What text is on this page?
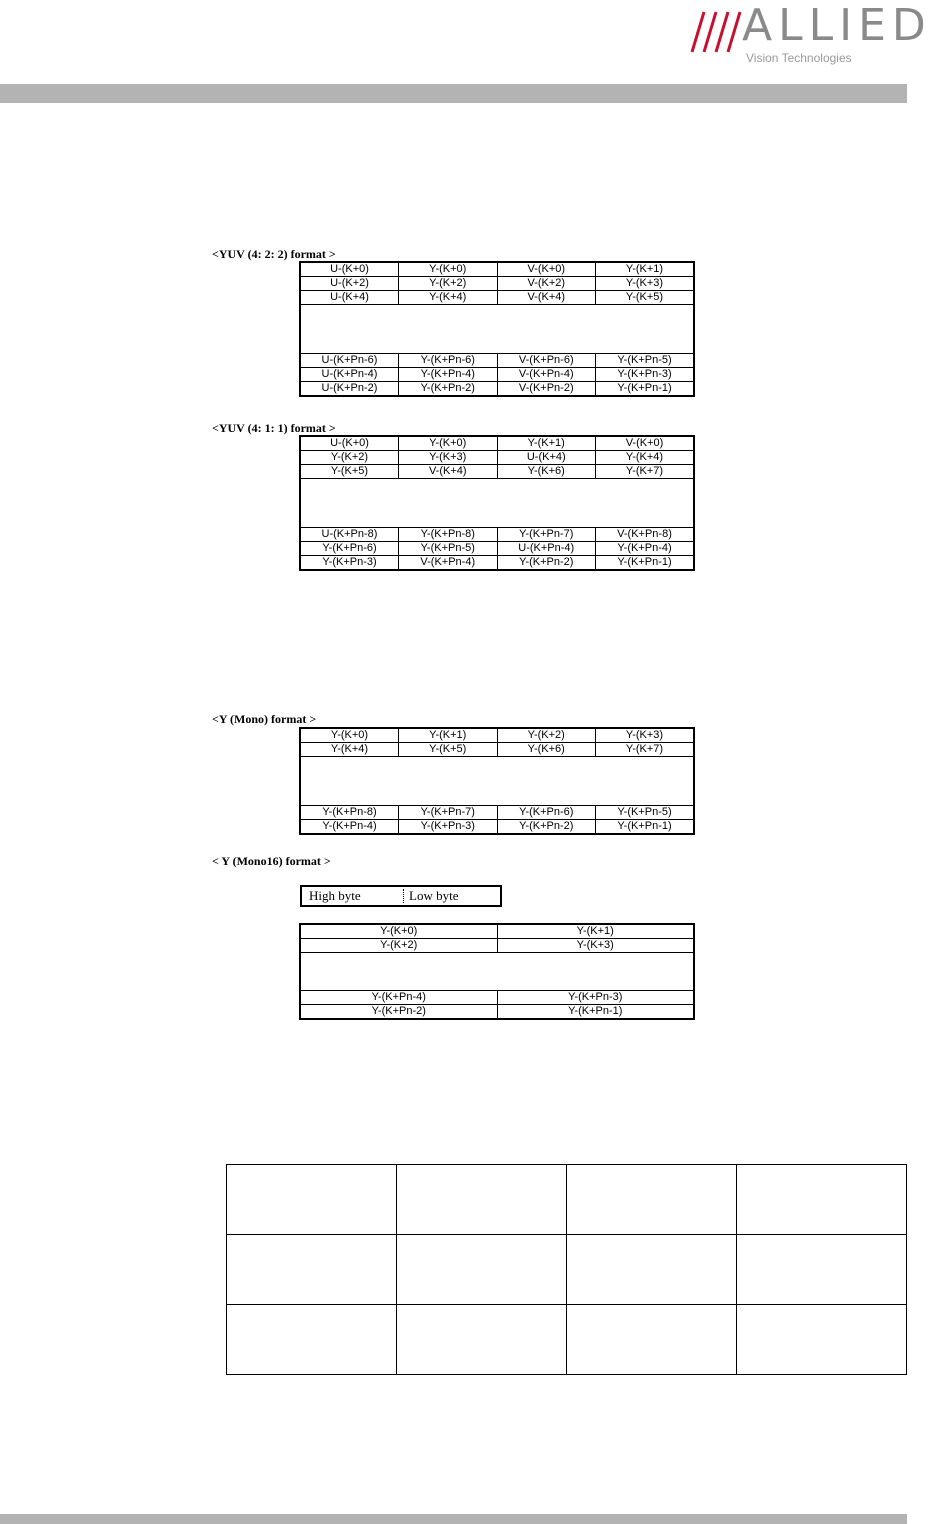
ALLIED
Vision Technologies
<YUV (4: 2: 2) format >
U-(K+0)	Y-(K+0)	V-(K+0)	Y-(K+1)
U-(K+2)	Y-(K+2)	V-(K+2)	Y-(K+3)
U-(K+4)	Y-(K+4)	V-(K+4)	Y-(K+5)

U-(K+Pn-6)	Y-(K+Pn-6)	V-(K+Pn-6)	Y-(K+Pn-5)
U-(K+Pn-4)	Y-(K+Pn-4)	V-(K+Pn-4)	Y-(K+Pn-3)
U-(K+Pn-2)	Y-(K+Pn-2)	V-(K+Pn-2)	Y-(K+Pn-1)
<YUV (4: 1: 1) format >
U-(K+0)	Y-(K+0)	Y-(K+1)	V-(K+0)
Y-(K+2)	Y-(K+3)	U-(K+4)	Y-(K+4)
Y-(K+5)	V-(K+4)	Y-(K+6)	Y-(K+7)

U-(K+Pn-8)	Y-(K+Pn-8)	Y-(K+Pn-7)	V-(K+Pn-8)
Y-(K+Pn-6)	Y-(K+Pn-5)	U-(K+Pn-4)	Y-(K+Pn-4)
Y-(K+Pn-3)	V-(K+Pn-4)	Y-(K+Pn-2)	Y-(K+Pn-1)
<Y (Mono) format >
Y-(K+0)	Y-(K+1)	Y-(K+2)	Y-(K+3)
Y-(K+4)	Y-(K+5)	Y-(K+6)	Y-(K+7)

Y-(K+Pn-8)	Y-(K+Pn-7)	Y-(K+Pn-6)	Y-(K+Pn-5)
Y-(K+Pn-4)	Y-(K+Pn-3)	Y-(K+Pn-2)	Y-(K+Pn-1)
< Y (Mono16) format >
High byte	Low byte
Y-(K+0)	Y-(K+1)
Y-(K+2)	Y-(K+3)

Y-(K+Pn-4)	Y-(K+Pn-3)
Y-(K+Pn-2)	Y-(K+Pn-1)
